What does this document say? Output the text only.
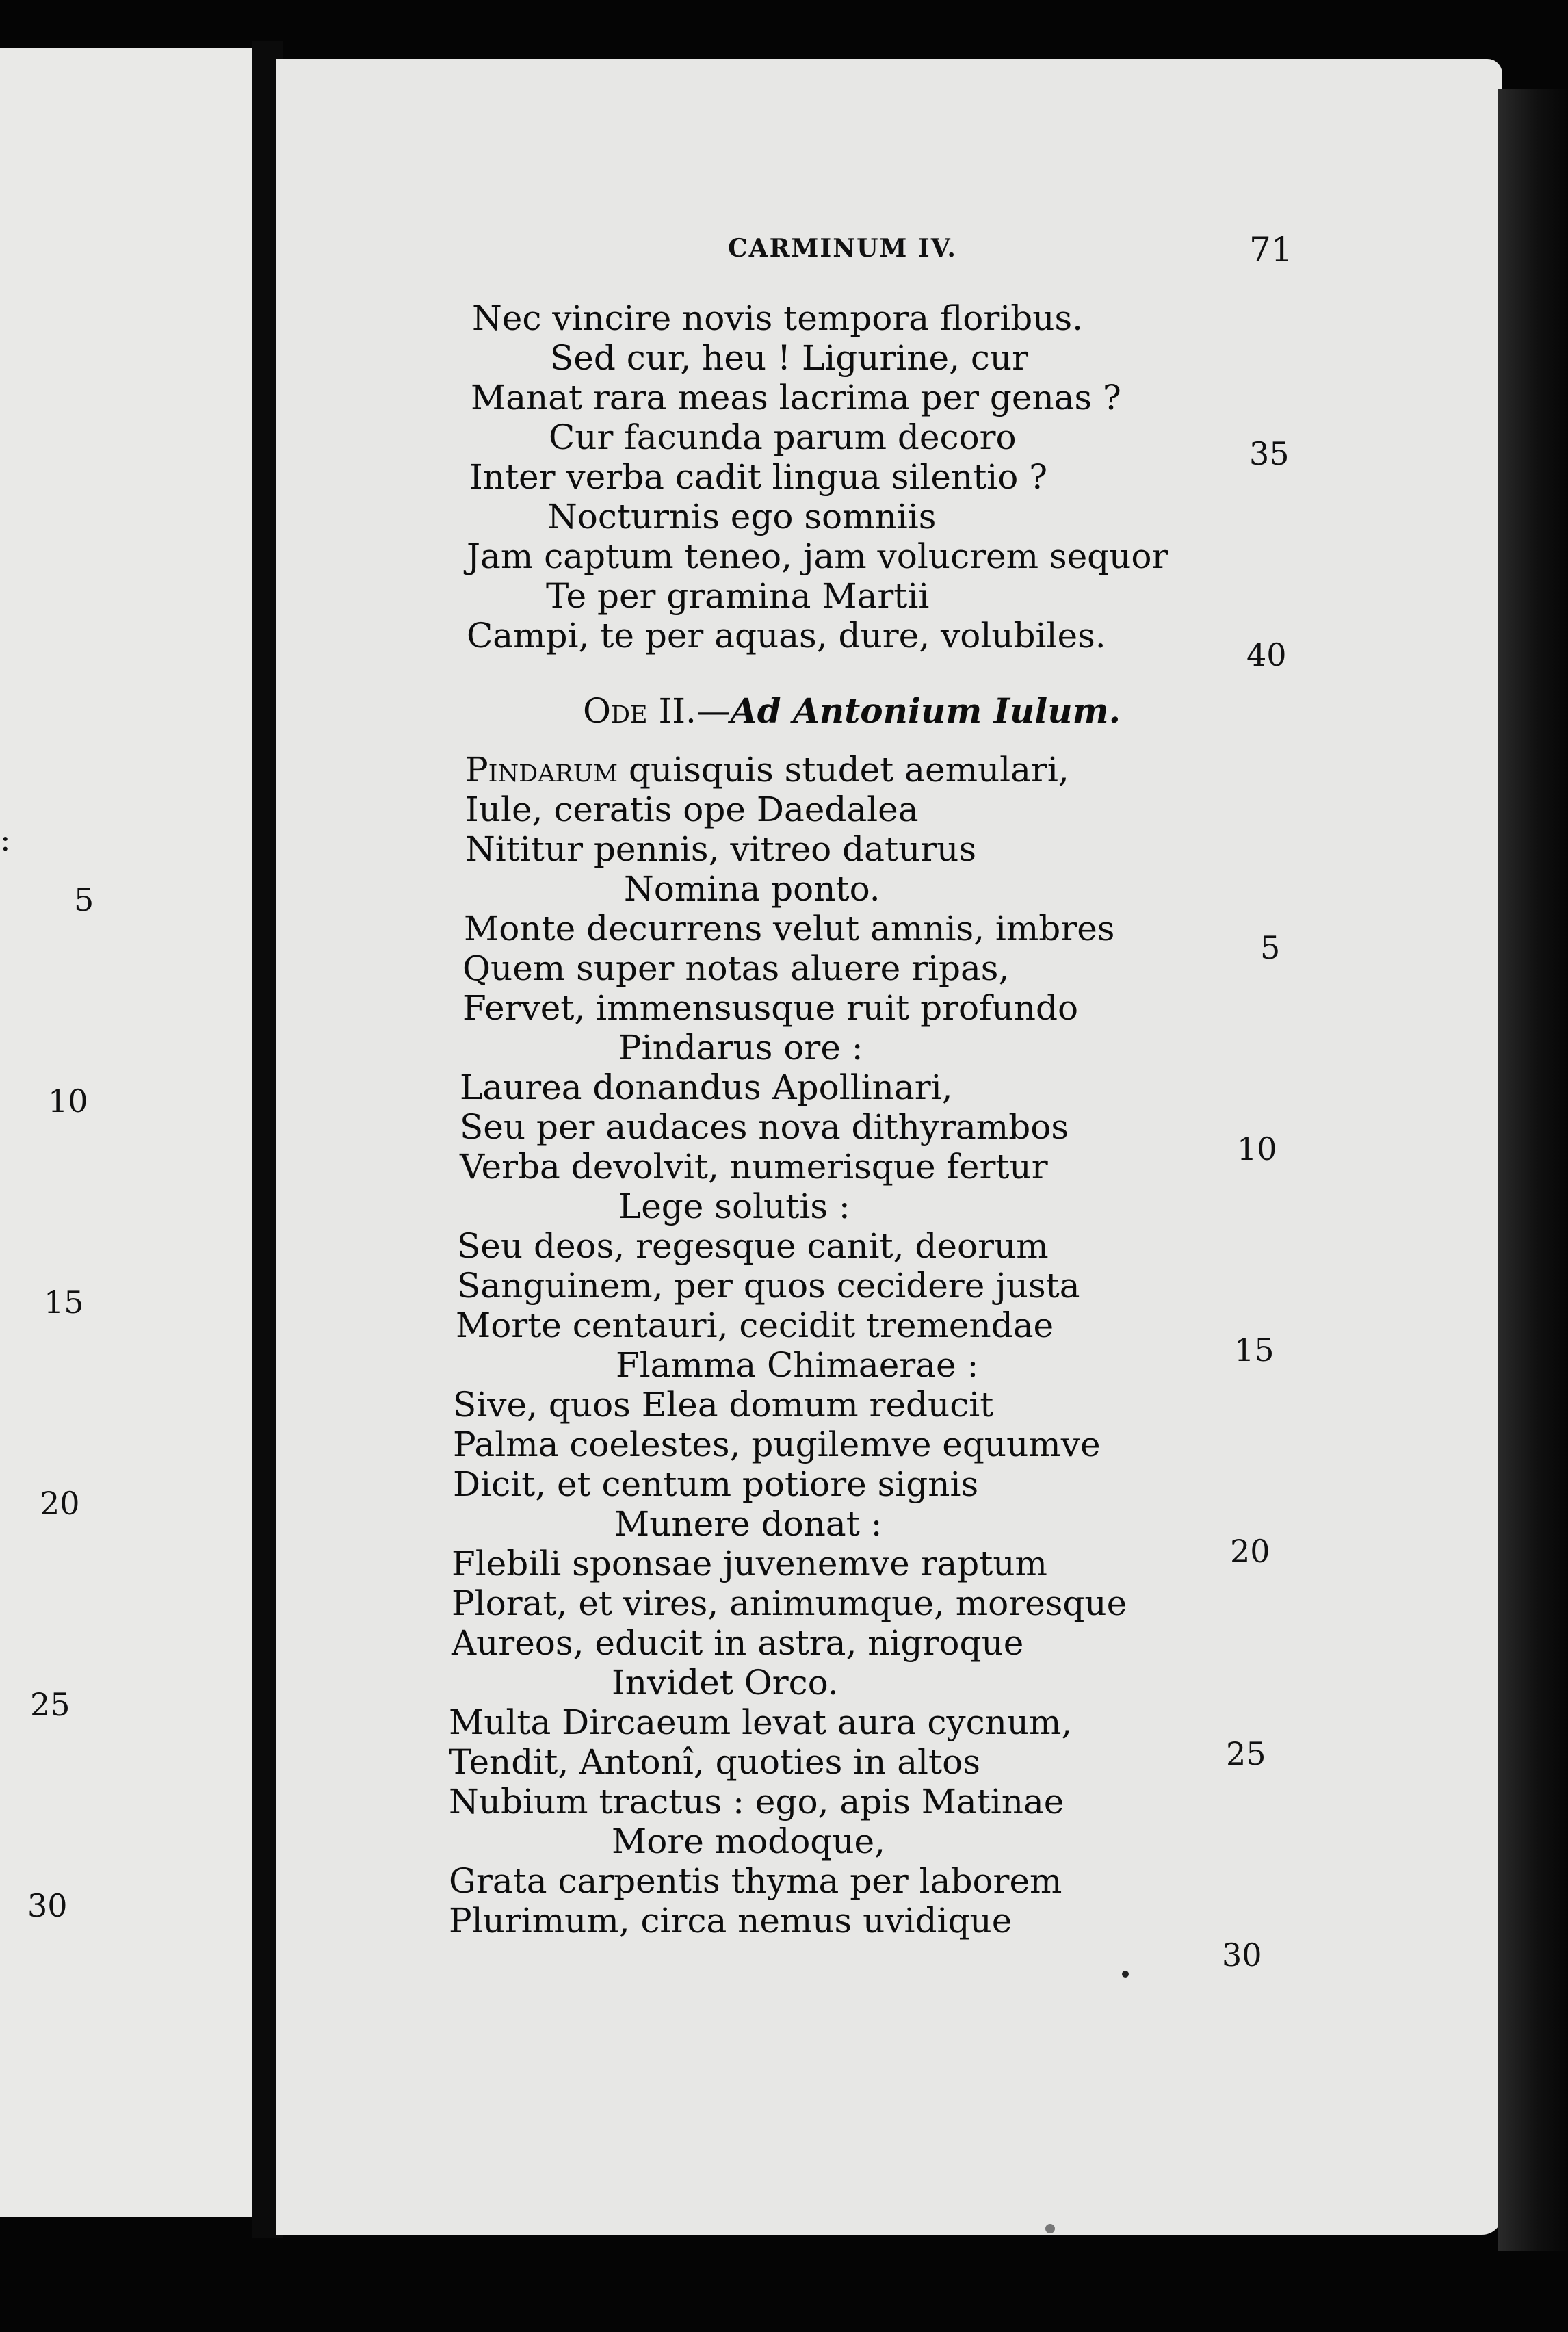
:
5
10
15
20
25
30
CARMINUM IV.	71
Nec vincire novis tempora floribus.
Sed cur, heu ! Ligurine, cur
Manat rara meas lacrima per genas ?
Cur facunda parum decoro
Inter verba cadit lingua silentio ?
Nocturnis ego somniis
Jam captum teneo, jam volucrem sequor
Te per gramina Martii
Campi, te per aquas, dure, volubiles.
35
40
Ode II.—Ad Antonium Iulum.
Pindarum quisquis studet aemulari,
Iule, ceratis ope Daedalea
Nititur pennis, vitreo daturus
Nomina ponto.
Monte decurrens velut amnis, imbres
Quem super notas aluere ripas,
Fervet, immensusque ruit profundo
Pindarus ore :
Laurea donandus Apollinari,
Seu per audaces nova dithyrambos
Verba devolvit, numerisque fertur
Lege solutis :
Seu deos, regesque canit, deorum
Sanguinem, per quos cecidere justa
Morte centauri, cecidit tremendae
Flamma Chimaerae :
Sive, quos Elea domum reducit
Palma coelestes, pugilemve equumve
Dicit, et centum potiore signis
Munere donat :
Flebili sponsae juvenemve raptum
Plorat, et vires, animumque, moresque
Aureos, educit in astra, nigroque
Invidet Orco.
Multa Dircaeum levat aura cycnum,
Tendit, Antonî, quoties in altos
Nubium tractus : ego, apis Matinae
More modoque,
Grata carpentis thyma per laborem
Plurimum, circa nemus uvidique
5
10
15
20
25
30
